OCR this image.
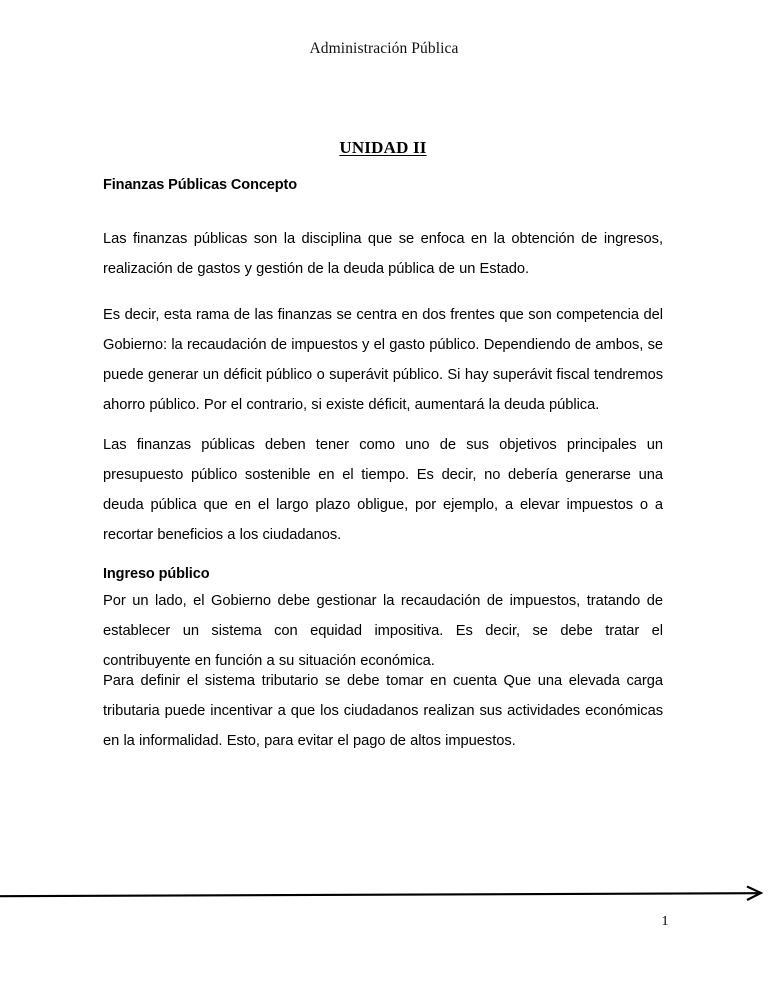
Administración Pública
UNIDAD II
Finanzas Públicas Concepto

Las finanzas públicas son la disciplina que se enfoca en la obtención de ingresos, realización de gastos y gestión de la deuda pública de un Estado.

Es decir, esta rama de las finanzas se centra en dos frentes que son competencia del Gobierno: la recaudación de impuestos y el gasto público. Dependiendo de ambos, se puede generar un déficit público o superávit público. Si hay superávit fiscal tendremos ahorro público. Por el contrario, si existe déficit, aumentará la deuda pública.

Las finanzas públicas deben tener como uno de sus objetivos principales un presupuesto público sostenible en el tiempo. Es decir, no debería generarse una deuda pública que en el largo plazo obligue, por ejemplo, a elevar impuestos o a recortar beneficios a los ciudadanos.

Ingreso público

Por un lado, el Gobierno debe gestionar la recaudación de impuestos, tratando de establecer un sistema con equidad impositiva. Es decir, se debe tratar el contribuyente en función a su situación económica.

Para definir el sistema tributario se debe tomar en cuenta Que una elevada carga tributaria puede incentivar a que los ciudadanos realizan sus actividades económicas en la informalidad. Esto, para evitar el pago de altos impuestos.

1
